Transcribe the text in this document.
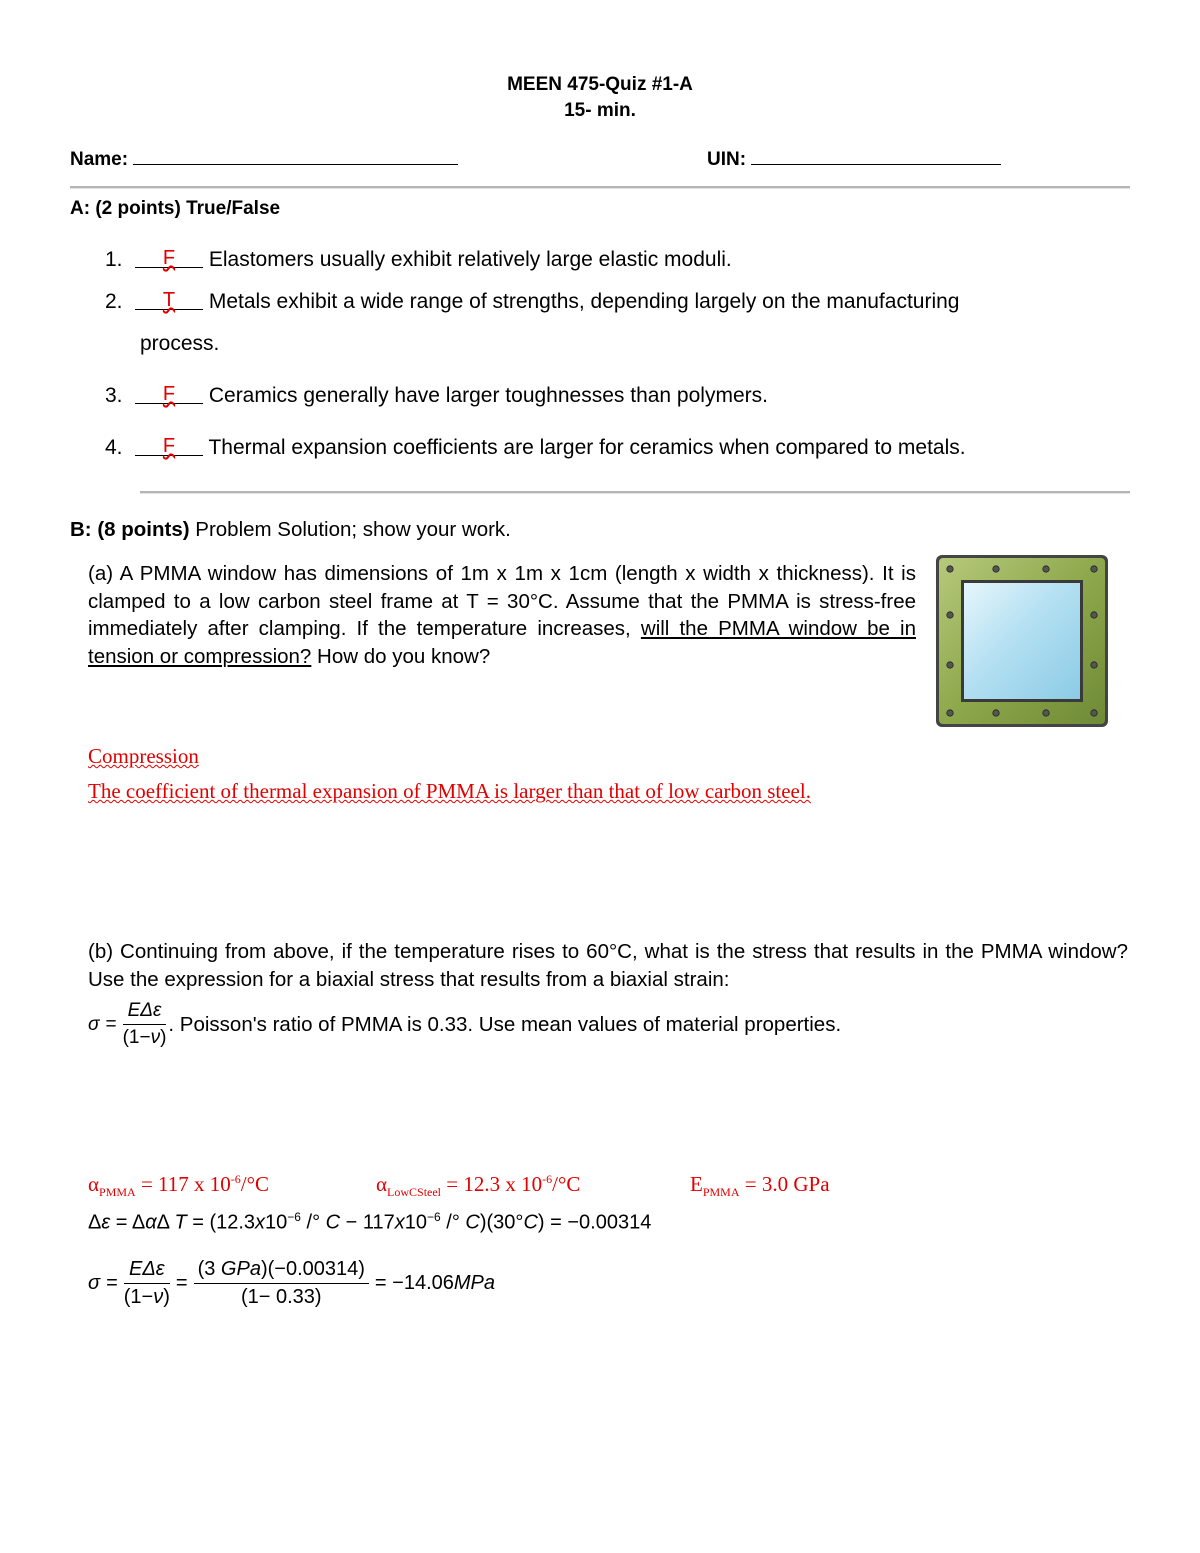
MEEN 475-Quiz #1-A
15- min.
Name:	UIN:
A: (2 points) True/False
1. F Elastomers usually exhibit relatively large elastic moduli.
2. T Metals exhibit a wide range of strengths, depending largely on the manufacturing
process.
3. F Ceramics generally have larger toughnesses than polymers.
4. F Thermal expansion coefficients are larger for ceramics when compared to metals.
B: (8 points) Problem Solution; show your work.
(a) A PMMA window has dimensions of 1m x 1m x 1cm (length x width x thickness). It is clamped to a low carbon steel frame at T = 30°C. Assume that the PMMA is stress-free immediately after clamping. If the temperature increases, will the PMMA window be in tension or compression? How do you know?
Compression
The coefficient of thermal expansion of PMMA is larger than that of low carbon steel.
(b) Continuing from above, if the temperature rises to 60°C, what is the stress that results in the PMMA window? Use the expression for a biaxial stress that results from a biaxial strain:
$\sigma = \frac{\text{EΔε}}{(1-\nu)}$ . Poisson's ratio of PMMA is 0.33. Use mean values of material properties.
$\alpha_{PMMA} = 117$ x $10^{-6}/^\circ C$	$\alpha_{LowCSteel} = 12.3$ x $10^{-6}/^\circ C$	$E_{PMMA} = 3.0$ GPa
Δε = ΔαΔ $T = (12.3x10^{-6}$ /° $C - 117x10^{-6}$ /° C)(30°C) = −0.00314
$\sigma = \frac{\text{EΔε}}{(1-\nu)} = \frac{\text{(3 GPa)(−0.00314)}}{(1- 0.33)} = -14.06$ MPa
